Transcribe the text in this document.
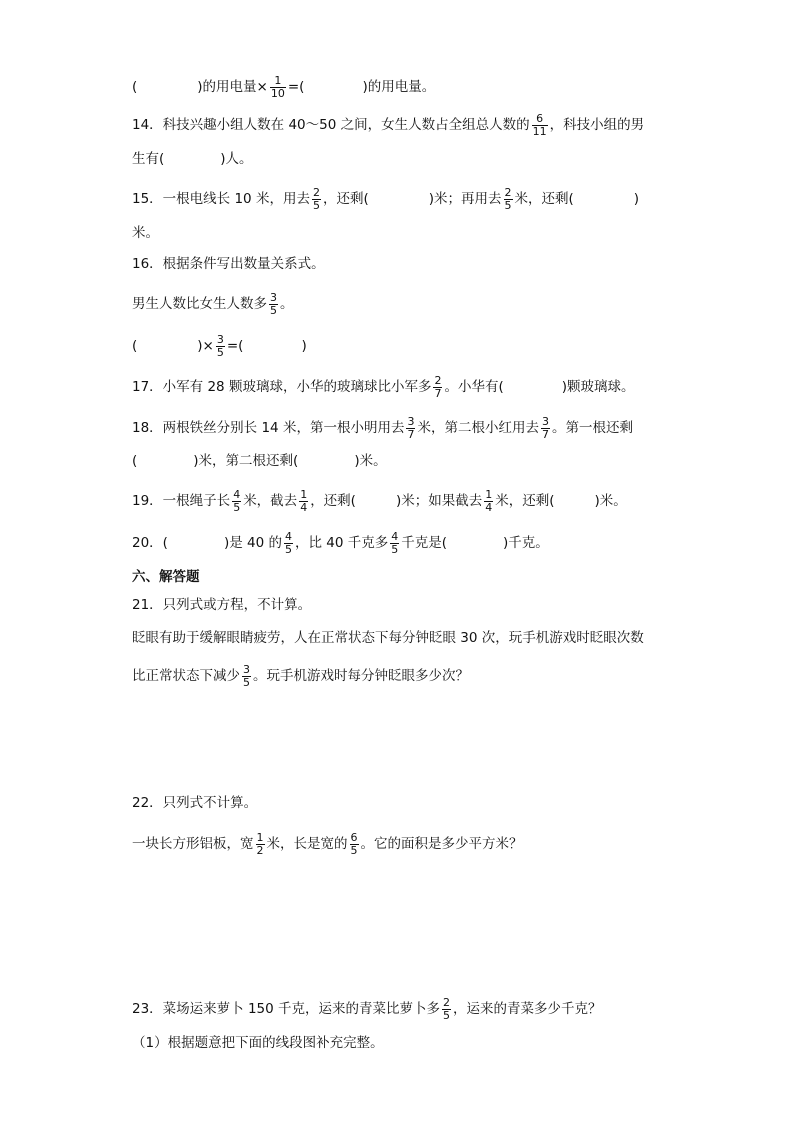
(	)的用电量× $\frac{1}{10}$ =(	)的用电量。
14．科技兴趣小组人数在 40～50 之间，女生人数占全组总人数的 $\frac{6}{11}$ ，科技小组的男
生有(	)人。
15．一根电线长 10 米，用去 $\frac{2}{5}$ ，还剩(	)米；再用去 $\frac{2}{5}$ 米，还剩(	)
米。
16．根据条件写出数量关系式。
男生人数比女生人数多 $\frac{3}{5}$ 。
(	)× $\frac{3}{5}$ =(	)
17．小军有 28 颗玻璃球，小华的玻璃球比小军多 $\frac{2}{7}$ 。小华有(	)颗玻璃球。
18．两根铁丝分别长 14 米，第一根小明用去 $\frac{3}{7}$ 米，第二根小红用去 $\frac{3}{7}$ 。第一根还剩
(	)米，第二根还剩(	)米。
19．一根绳子长 $\frac{4}{5}$ 米，截去 $\frac{1}{4}$ ，还剩(	)米；如果截去 $\frac{1}{4}$ 米，还剩(	)米。
20．(	)是 40 的 $\frac{4}{5}$ ，比 40 千克多 $\frac{4}{5}$ 千克是(	)千克。
六、解答题
21．只列式或方程，不计算。
眨眼有助于缓解眼睛疲劳，人在正常状态下每分钟眨眼 30 次，玩手机游戏时眨眼次数
比正常状态下减少 $\frac{3}{5}$ 。玩手机游戏时每分钟眨眼多少次？
22．只列式不计算。
一块长方形铝板，宽 $\frac{1}{2}$ 米，长是宽的 $\frac{6}{5}$ 。它的面积是多少平方米？
23．菜场运来萝卜 150 千克，运来的青菜比萝卜多 $\frac{2}{5}$ ，运来的青菜多少千克？
（1）根据题意把下面的线段图补充完整。
